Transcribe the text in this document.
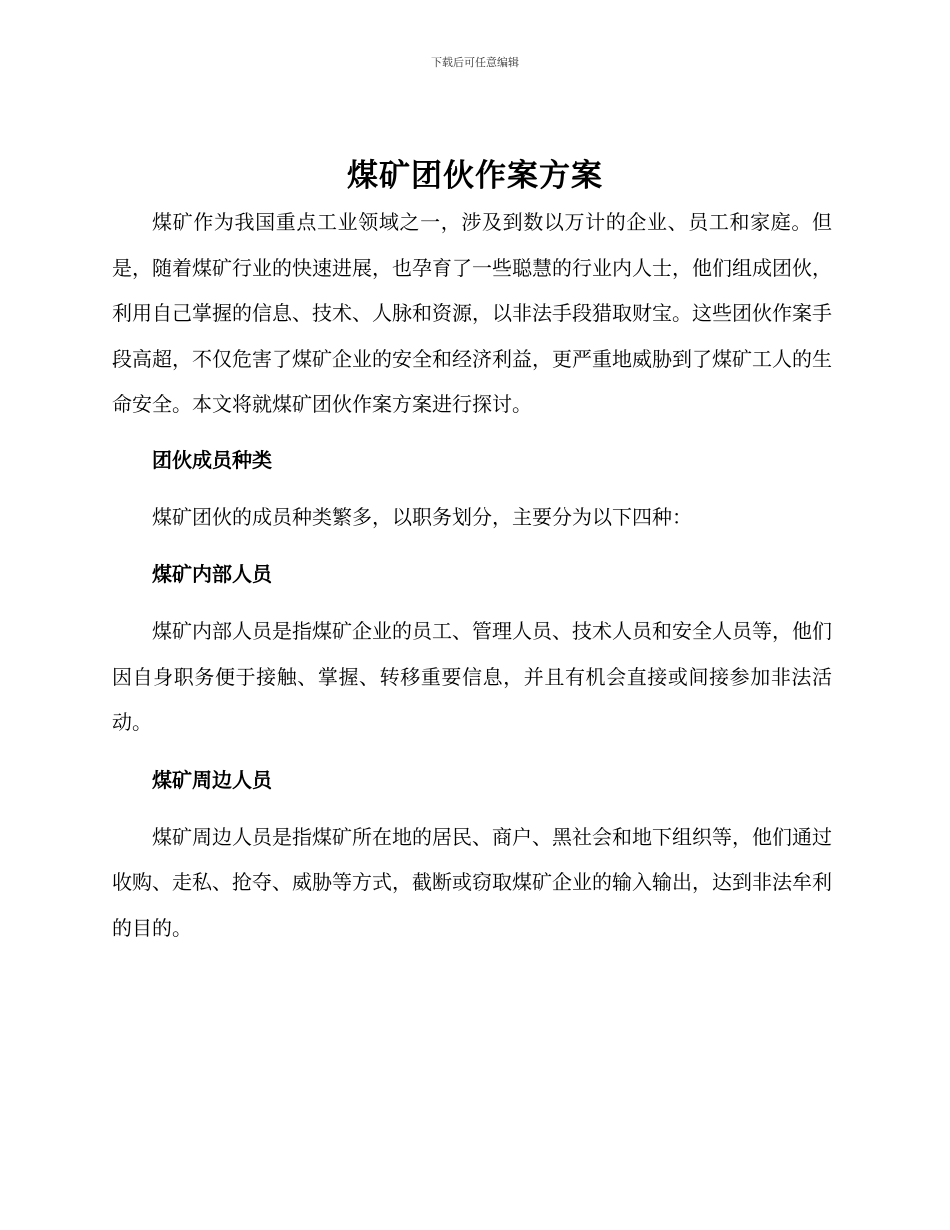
下载后可任意编辑
煤矿团伙作案方案

煤矿作为我国重点工业领域之一，涉及到数以万计的企业、员工和家庭。但是，随着煤矿行业的快速进展，也孕育了一些聪慧的行业内人士，他们组成团伙，利用自己掌握的信息、技术、人脉和资源，以非法手段猎取财宝。这些团伙作案手段高超，不仅危害了煤矿企业的安全和经济利益，更严重地威胁到了煤矿工人的生命安全。本文将就煤矿团伙作案方案进行探讨。

团伙成员种类

煤矿团伙的成员种类繁多，以职务划分，主要分为以下四种：

煤矿内部人员

煤矿内部人员是指煤矿企业的员工、管理人员、技术人员和安全人员等，他们因自身职务便于接触、掌握、转移重要信息，并且有机会直接或间接参加非法活动。

煤矿周边人员

煤矿周边人员是指煤矿所在地的居民、商户、黑社会和地下组织等，他们通过收购、走私、抢夺、威胁等方式，截断或窃取煤矿企业的输入输出，达到非法牟利的目的。
